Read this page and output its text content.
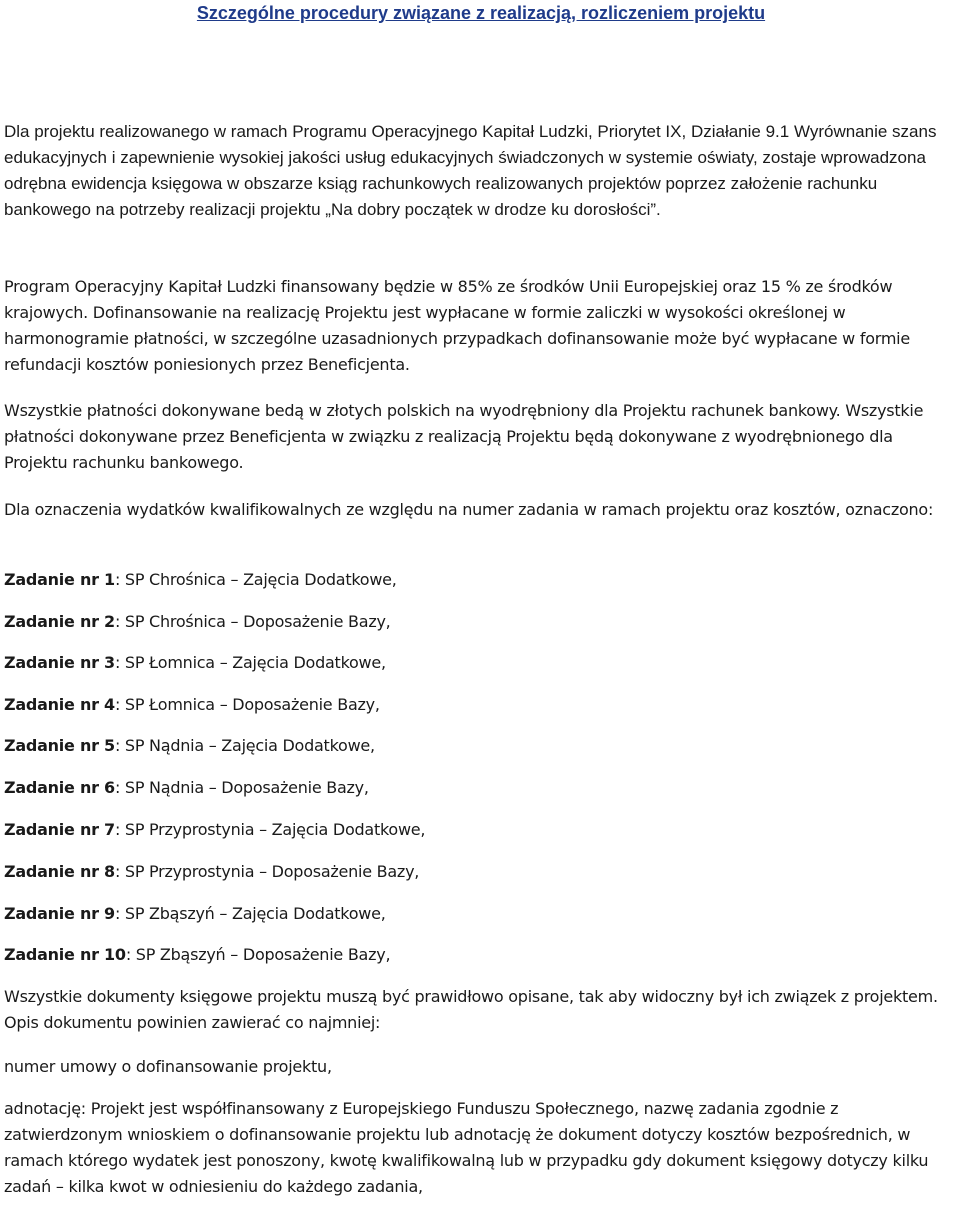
Szczególne procedury związane z realizacją, rozliczeniem projektu

Dla projektu realizowanego w ramach Programu Operacyjnego Kapitał Ludzki, Priorytet IX, Działanie 9.1 Wyrównanie szans edukacyjnych i zapewnienie wysokiej jakości usług edukacyjnych świadczonych w systemie oświaty, zostaje wprowadzona odrębna ewidencja księgowa w obszarze ksiąg rachunkowych realizowanych projektów poprzez założenie rachunku bankowego na potrzeby realizacji projektu „Na dobry początek w drodze ku dorosłości”.

Program Operacyjny Kapitał Ludzki finansowany będzie w 85% ze środków Unii Europejskiej oraz 15 % ze środków krajowych. Dofinansowanie na realizację Projektu jest wypłacane w formie zaliczki w wysokości określonej w harmonogramie płatności, w szczególne uzasadnionych przypadkach dofinansowanie może być wypłacane w formie refundacji kosztów poniesionych przez Beneficjenta.

Wszystkie płatności dokonywane bedą w złotych polskich na wyodrębniony dla Projektu rachunek bankowy. Wszystkie płatności dokonywane przez Beneficjenta w związku z realizacją Projektu będą dokonywane z wyodrębnionego dla Projektu rachunku bankowego.

Dla oznaczenia wydatków kwalifikowalnych ze względu na numer zadania w ramach projektu oraz kosztów, oznaczono:

Zadanie nr 1: SP Chrośnica – Zajęcia Dodatkowe,
Zadanie nr 2: SP Chrośnica – Doposażenie Bazy,
Zadanie nr 3: SP Łomnica – Zajęcia Dodatkowe,
Zadanie nr 4: SP Łomnica – Doposażenie Bazy,
Zadanie nr 5: SP Nądnia – Zajęcia Dodatkowe,
Zadanie nr 6: SP Nądnia – Doposażenie Bazy,
Zadanie nr 7: SP Przyprostynia – Zajęcia Dodatkowe,
Zadanie nr 8: SP Przyprostynia – Doposażenie Bazy,
Zadanie nr 9: SP Zbąszyń – Zajęcia Dodatkowe,
Zadanie nr 10: SP Zbąszyń – Doposażenie Bazy,

Wszystkie dokumenty księgowe projektu muszą być prawidłowo opisane, tak aby widoczny był ich związek z projektem. Opis dokumentu powinien zawierać co najmniej:

numer umowy o dofinansowanie projektu,

adnotację: Projekt jest współfinansowany z Europejskiego Funduszu Społecznego, nazwę zadania zgodnie z zatwierdzonym wnioskiem o dofinansowanie projektu lub adnotację że dokument dotyczy kosztów bezpośrednich, w ramach którego wydatek jest ponoszony, kwotę kwalifikowalną lub w przypadku gdy dokument księgowy dotyczy kilku zadań – kilka kwot w odniesieniu do każdego zadania,
